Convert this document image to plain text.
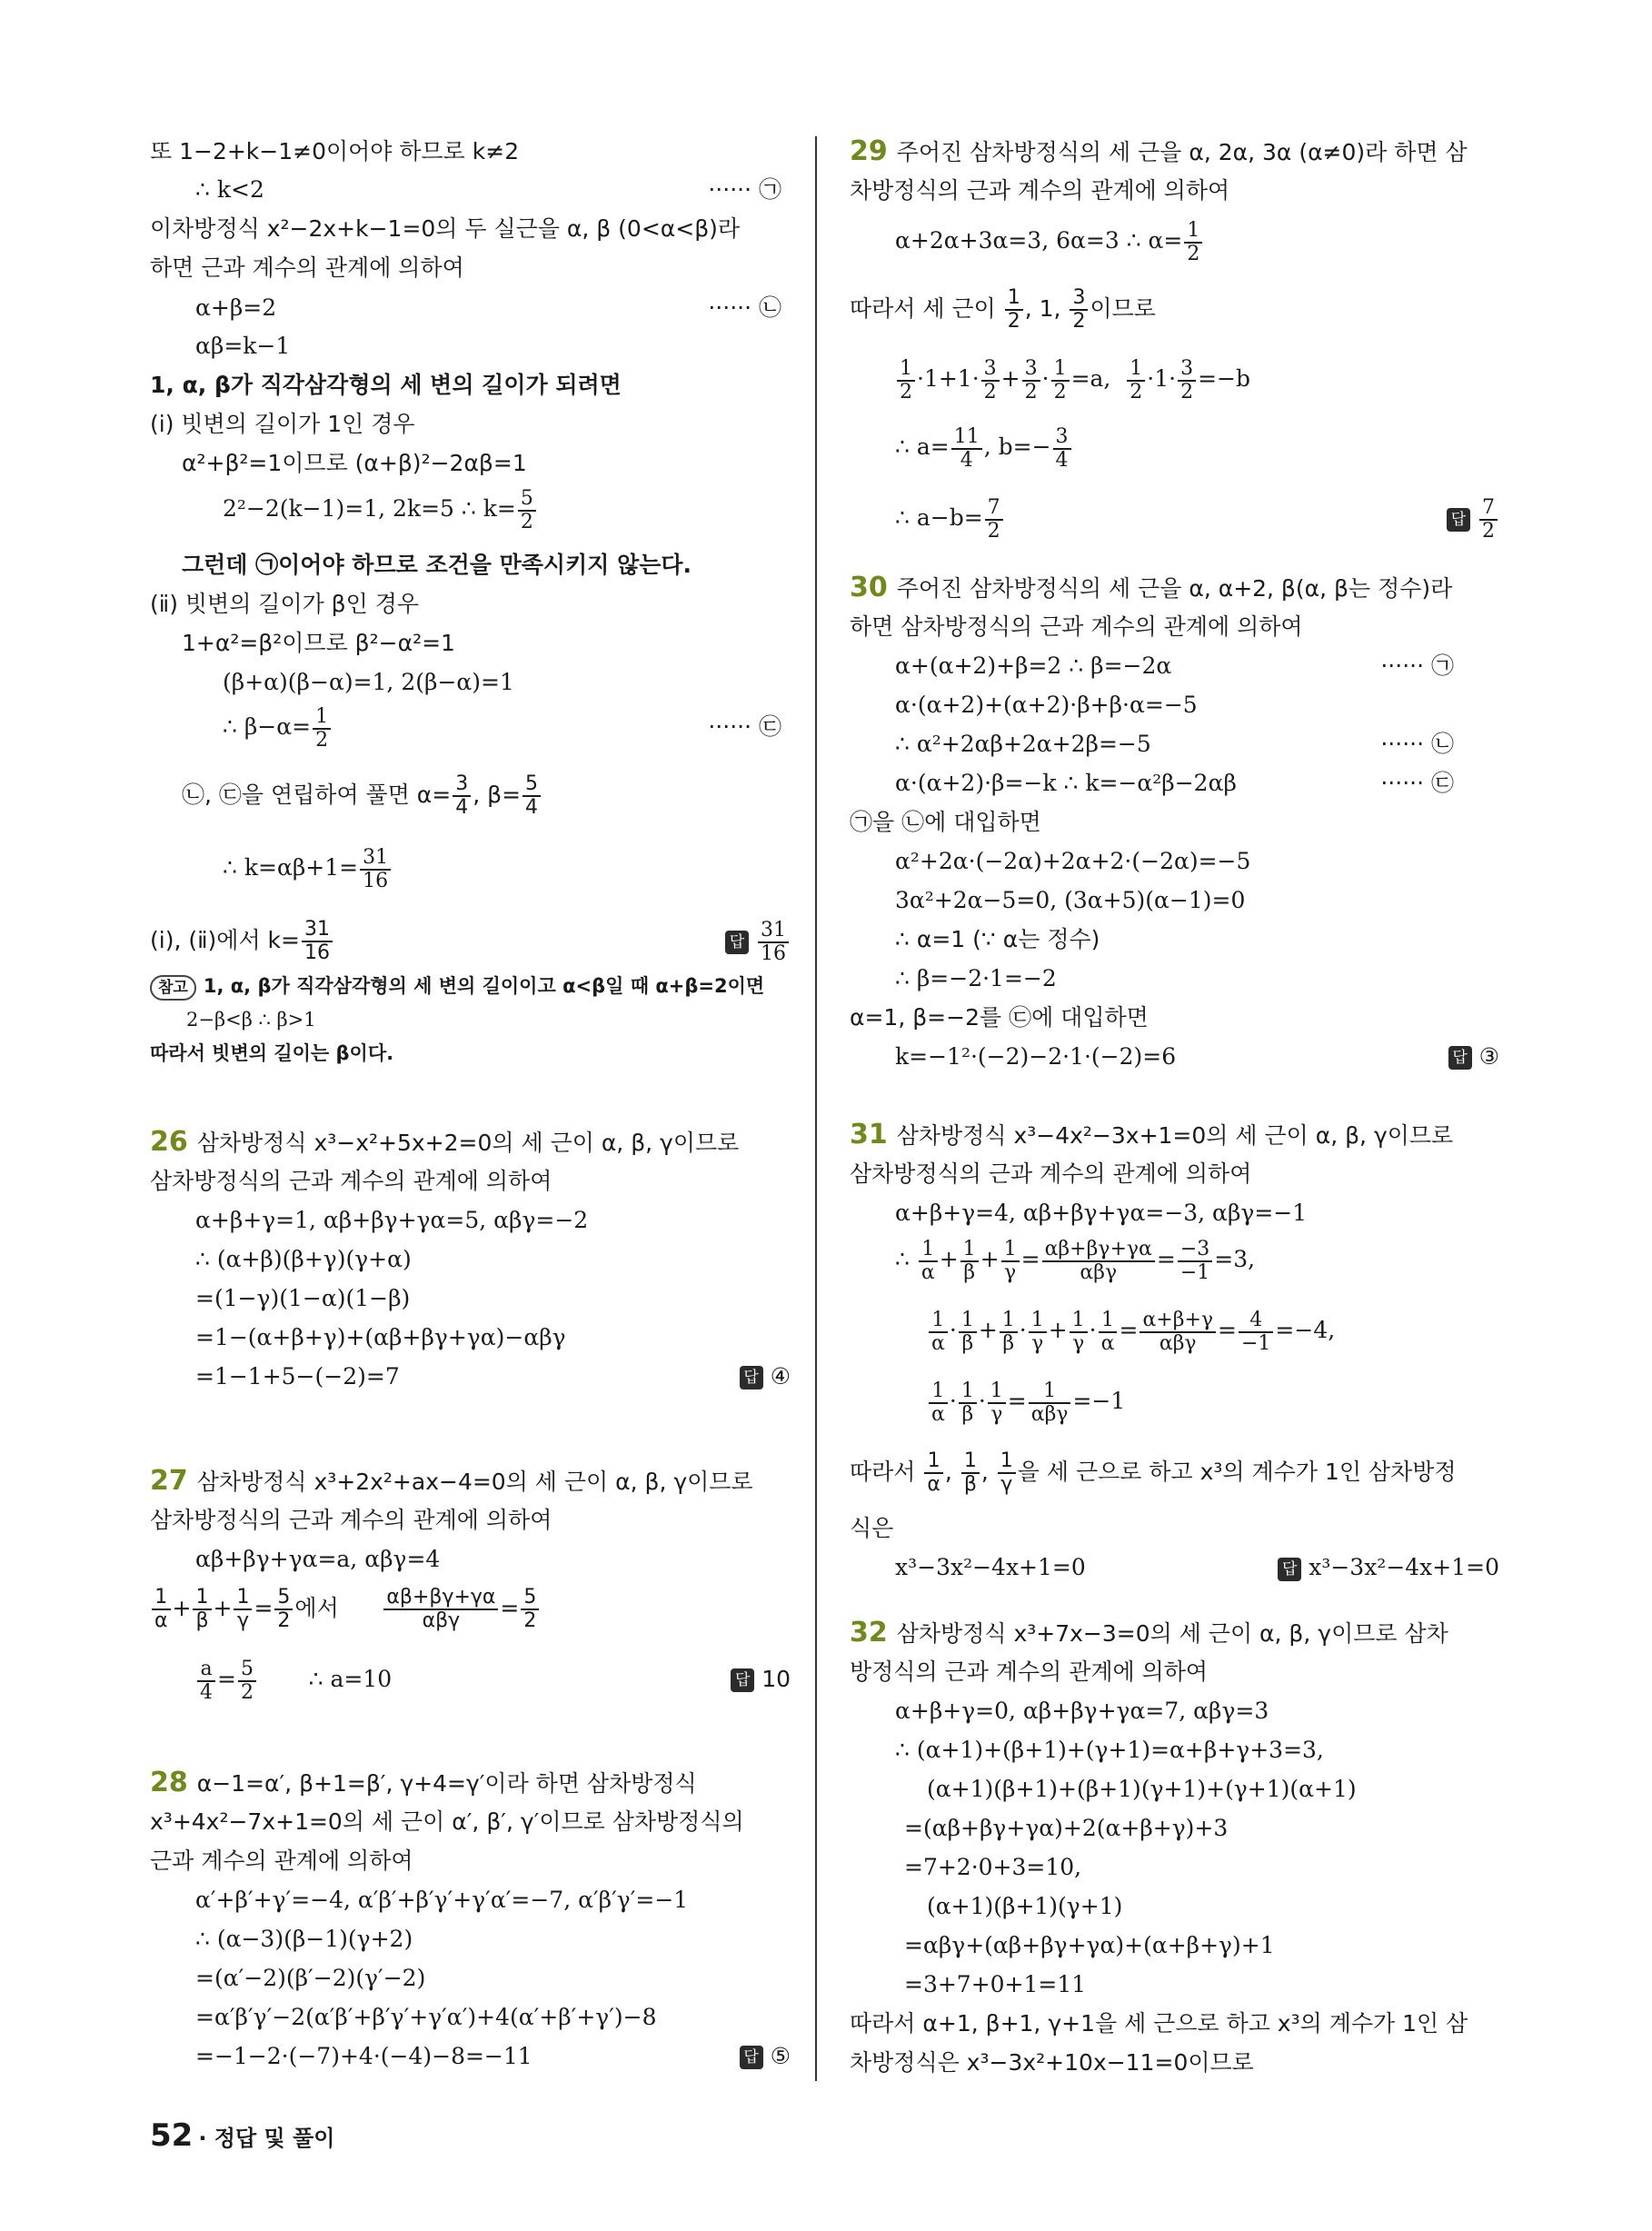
또 1−2+k−1≠0이어야 하므로 k≠2
∴ k<2	······ ㉠
이차방정식 x²−2x+k−1=0의 두 실근을 α, β (0<α<β)라
하면 근과 계수의 관계에 의하여
α+β=2	······ ㉡
αβ=k−1
1, α, β가 직각삼각형의 세 변의 길이가 되려면
(ⅰ) 빗변의 길이가 1인 경우
α²+β²=1이므로 (α+β)²−2αβ=1
2²−2(k−1)=1, 2k=5 ∴ $k= \frac{5}{2}$
그런데 ㉠이어야 하므로 조건을 만족시키지 않는다.
(ⅱ) 빗변의 길이가 β인 경우
1+α²=β²이므로 β²−α²=1
(β+α)(β−α)=1, 2(β−α)=1
∴ $\beta-\alpha= \frac{1}{2}$	······ ㉢
㉡, ㉢을 연립하여 풀면 $\alpha= \frac{3}{4}$ , $\beta= \frac{5}{4}$
∴ $k=\alpha\beta+1= \frac{31}{16}$
(ⅰ), (ⅱ)에서 $k= \frac{31}{16}$	답 $\frac{31}{16}$
참고 1, α, β가 직각삼각형의 세 변의 길이이고 α<β일 때 α+β=2이면
2−β<β ∴ β>1
따라서 빗변의 길이는 β이다.
26 삼차방정식 x³−x²+5x+2=0의 세 근이 α, β, γ이므로
삼차방정식의 근과 계수의 관계에 의하여
α+β+γ=1, αβ+βγ+γα=5, αβγ=−2
∴ (α+β)(β+γ)(γ+α)
=(1−γ)(1−α)(1−β)
=1−(α+β+γ)+(αβ+βγ+γα)−αβγ
=1−1+5−(−2)=7	답 ④
27 삼차방정식 x³+2x²+ax−4=0의 세 근이 α, β, γ이므로
삼차방정식의 근과 계수의 관계에 의하여
αβ+βγ+γα=a, αβγ=4
$\frac{1}{\alpha} + \frac{1}{\beta} + \frac{1}{\gamma} = \frac{5}{2}$ 에서 $\frac{\alpha\beta+\beta\gamma+\gamma\alpha}{\text{αβγ}} = \frac{5}{2}$
$\frac{a}{4} = \frac{5}{2}$ ∴ a=10	답 10
28 α−1=α′, β+1=β′, γ+4=γ′이라 하면 삼차방정식
x³+4x²−7x+1=0의 세 근이 α′, β′, γ′이므로 삼차방정식의
근과 계수의 관계에 의하여
α′+β′+γ′=−4, α′β′+β′γ′+γ′α′=−7, α′β′γ′=−1
∴ (α−3)(β−1)(γ+2)
=(α′−2)(β′−2)(γ′−2)
=α′β′γ′−2(α′β′+β′γ′+γ′α′)+4(α′+β′+γ′)−8
=−1−2·(−7)+4·(−4)−8=−11	답 ⑤
29 주어진 삼차방정식의 세 근을 α, 2α, 3α (α≠0)라 하면 삼
차방정식의 근과 계수의 관계에 의하여
α+2α+3α=3, 6α=3 ∴ $\alpha= \frac{1}{2}$
따라서 세 근이 $\frac{1}{2}$ , 1, $\frac{3}{2}$ 이므로
$\frac{1}{2} \cdot 1+1\cdot \frac{3}{2} + \frac{3}{2} \cdot \frac{1}{2} =a$, $\frac{1}{2} \cdot 1\cdot \frac{3}{2} =-b$
∴ $a= \frac{11}{4}$ , $b=- \frac{3}{4}$
∴ $a-b= \frac{7}{2}$	답 $\frac{7}{2}$
30 주어진 삼차방정식의 세 근을 α, α+2, β(α, β는 정수)라
하면 삼차방정식의 근과 계수의 관계에 의하여
α+(α+2)+β=2 ∴ β=−2α	······ ㉠
α·(α+2)+(α+2)·β+β·α=−5
∴ α²+2αβ+2α+2β=−5	······ ㉡
α·(α+2)·β=−k ∴ k=−α²β−2αβ	······ ㉢
㉠을 ㉡에 대입하면
α²+2α·(−2α)+2α+2·(−2α)=−5
3α²+2α−5=0, (3α+5)(α−1)=0
∴ α=1 (∵ α는 정수)
∴ β=−2·1=−2
α=1, β=−2를 ㉢에 대입하면
k=−1²·(−2)−2·1·(−2)=6	답 ③
31 삼차방정식 x³−4x²−3x+1=0의 세 근이 α, β, γ이므로
삼차방정식의 근과 계수의 관계에 의하여
α+β+γ=4, αβ+βγ+γα=−3, αβγ=−1
∴ $\frac{1}{\alpha} + \frac{1}{\beta} + \frac{1}{\gamma} = \frac{\alpha\beta+\beta\gamma+\gamma\alpha}{\text{αβγ}} = \frac{-3}{-1} =3$,
$\frac{1}{\alpha} \cdot \frac{1}{\beta} + \frac{1}{\beta} \cdot \frac{1}{\gamma} + \frac{1}{\gamma} \cdot \frac{1}{\alpha} = \frac{\alpha+\beta+\gamma}{\text{αβγ}} = \frac{4}{-1} =-4$,
$\frac{1}{\alpha} \cdot \frac{1}{\beta} \cdot \frac{1}{\gamma} = \frac{1}{\text{αβγ}} =-1$
따라서 $\frac{1}{\alpha}$ , $\frac{1}{\beta}$ , $\frac{1}{\gamma}$ 을 세 근으로 하고 x³의 계수가 1인 삼차방정
식은
x³−3x²−4x+1=0	답 x³−3x²−4x+1=0
32 삼차방정식 x³+7x−3=0의 세 근이 α, β, γ이므로 삼차
방정식의 근과 계수의 관계에 의하여
α+β+γ=0, αβ+βγ+γα=7, αβγ=3
∴ (α+1)+(β+1)+(γ+1)=α+β+γ+3=3,
(α+1)(β+1)+(β+1)(γ+1)+(γ+1)(α+1)
=(αβ+βγ+γα)+2(α+β+γ)+3
=7+2·0+3=10,
(α+1)(β+1)(γ+1)
=αβγ+(αβ+βγ+γα)+(α+β+γ)+1
=3+7+0+1=11
따라서 α+1, β+1, γ+1을 세 근으로 하고 x³의 계수가 1인 삼
차방정식은 x³−3x²+10x−11=0이므로
52 · 정답 및 풀이
